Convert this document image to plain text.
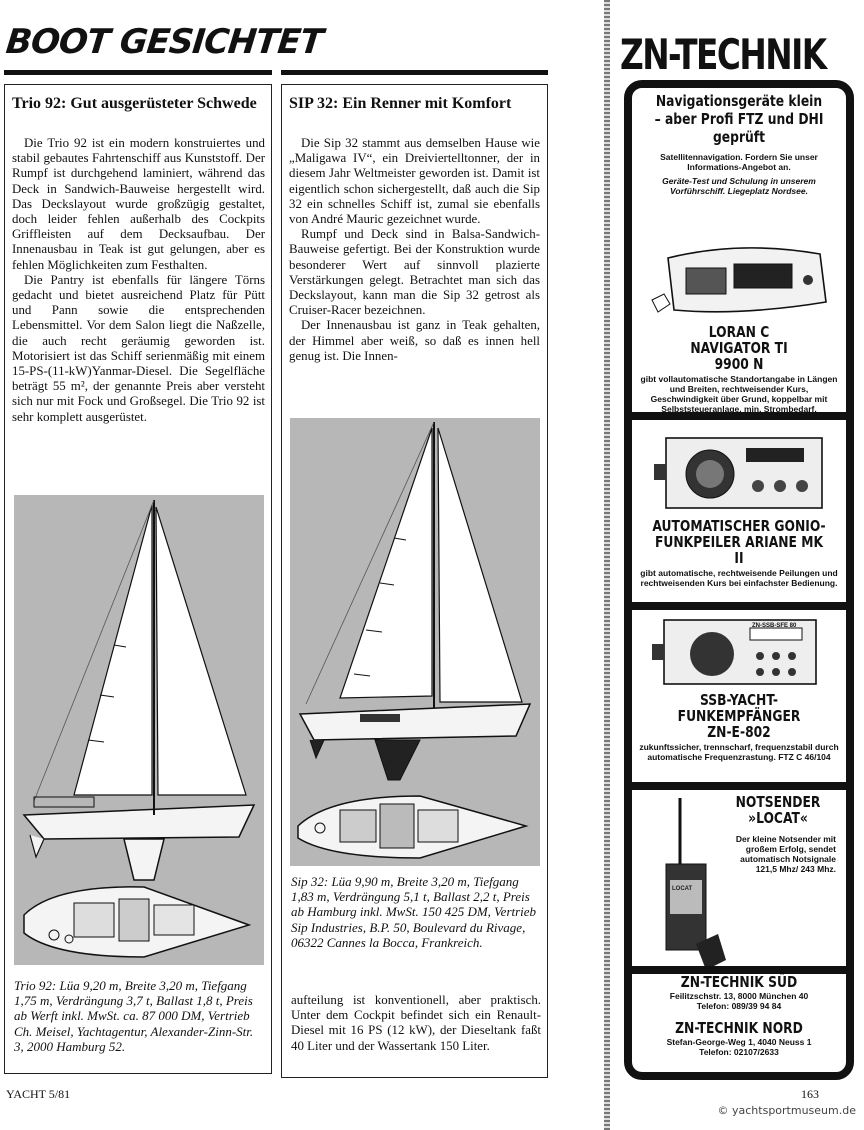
BOOT GESICHTET
Trio 92: Gut ausgerüsteter Schwede

Die Trio 92 ist ein modern konstruiertes und stabil gebautes Fahrtenschiff aus Kunststoff. Der Rumpf ist durchgehend laminiert, während das Deck in Sandwich-Bauweise hergestellt wird. Das Deckslayout wurde großzügig gestaltet, doch leider fehlen außerhalb des Cockpits Griffleisten auf dem Decksaufbau. Der Innenausbau in Teak ist gut gelungen, aber es fehlen Möglichkeiten zum Festhalten.

Die Pantry ist ebenfalls für längere Törns gedacht und bietet ausreichend Platz für Pütt und Pann sowie die entsprechenden Lebensmittel. Vor dem Salon liegt die Naßzelle, die auch recht geräumig geworden ist. Motorisiert ist das Schiff serienmäßig mit einem 15-PS-(11-kW)Yanmar-Diesel. Die Segelfläche beträgt 55 m², der genannte Preis aber versteht sich nur mit Fock und Großsegel. Die Trio 92 ist sehr komplett ausgerüstet.

Trio 92: Lüa 9,20 m, Breite 3,20 m, Tiefgang 1,75 m, Verdrängung 3,7 t, Ballast 1,8 t, Preis ab Werft inkl. MwSt. ca. 87 000 DM, Vertrieb Ch. Meisel, Yachtagentur, Alexander-Zinn-Str. 3, 2000 Hamburg 52.
SIP 32: Ein Renner mit Komfort

Die Sip 32 stammt aus demselben Hause wie „Maligawa IV“, ein Dreiviertelltonner, der in diesem Jahr Weltmeister geworden ist. Damit ist eigentlich schon sichergestellt, daß auch die Sip 32 ein schnelles Schiff ist, zumal sie ebenfalls von André Mauric gezeichnet wurde.

Rumpf und Deck sind in Balsa-Sandwich-Bauweise gefertigt. Bei der Konstruktion wurde besonderer Wert auf sinnvoll plazierte Verstärkungen gelegt. Betrachtet man sich das Deckslayout, kann man die Sip 32 getrost als Cruiser-Racer bezeichnen.

Der Innenausbau ist ganz in Teak gehalten, der Himmel aber weiß, so daß es innen hell genug ist. Die Innen-

Sip 32: Lüa 9,90 m, Breite 3,20 m, Tiefgang 1,83 m, Verdrängung 5,1 t, Ballast 2,2 t, Preis ab Hamburg inkl. MwSt. 150 425 DM, Vertrieb Sip Industries, B.P. 50, Boulevard du Rivage, 06322 Cannes la Bocca, Frankreich.

aufteilung ist konventionell, aber praktisch. Unter dem Cockpit befindet sich ein Renault-Diesel mit 16 PS (12 kW), der Dieseltank faßt 40 Liter und der Wassertank 150 Liter.

YACHT 5/81	163
© yachtsportmuseum.de
ZN-TECHNIK
Navigationsgeräte klein – aber Profi FTZ und DHI geprüft
Satellitennavigation. Fordern Sie unser Informations-Angebot an.
Geräte-Test und Schulung in unserem Vorführschiff. Liegeplatz Nordsee.
LORAN C NAVIGATOR TI 9900 N
gibt vollautomatische Standortangabe in Längen und Breiten, rechtweisender Kurs, Geschwindigkeit über Grund, koppelbar mit Selbststeueranlage, min. Strombedarf.
AUTOMATISCHER GONIO-FUNKPEILER ARIANE MK II
gibt automatische, rechtweisende Peilungen und rechtweisenden Kurs bei einfachster Bedienung.
ZN-SSB-SFE 80
SSB-YACHT-FUNKEMPFÄNGER ZN-E-802
zukunftssicher, trennscharf, frequenzstabil durch automatische Frequenzrastung. FTZ C 46/104
LOCAT
NOTSENDER »LOCAT«
Der kleine Notsender mit großem Erfolg, sendet automatisch Notsignale 121,5 Mhz/ 243 Mhz.
ZN-TECHNIK SÜD
Feilitzschstr. 13, 8000 München 40
Telefon: 089/39 94 84
ZN-TECHNIK NORD
Stefan-George-Weg 1, 4040 Neuss 1
Telefon: 02107/2633
